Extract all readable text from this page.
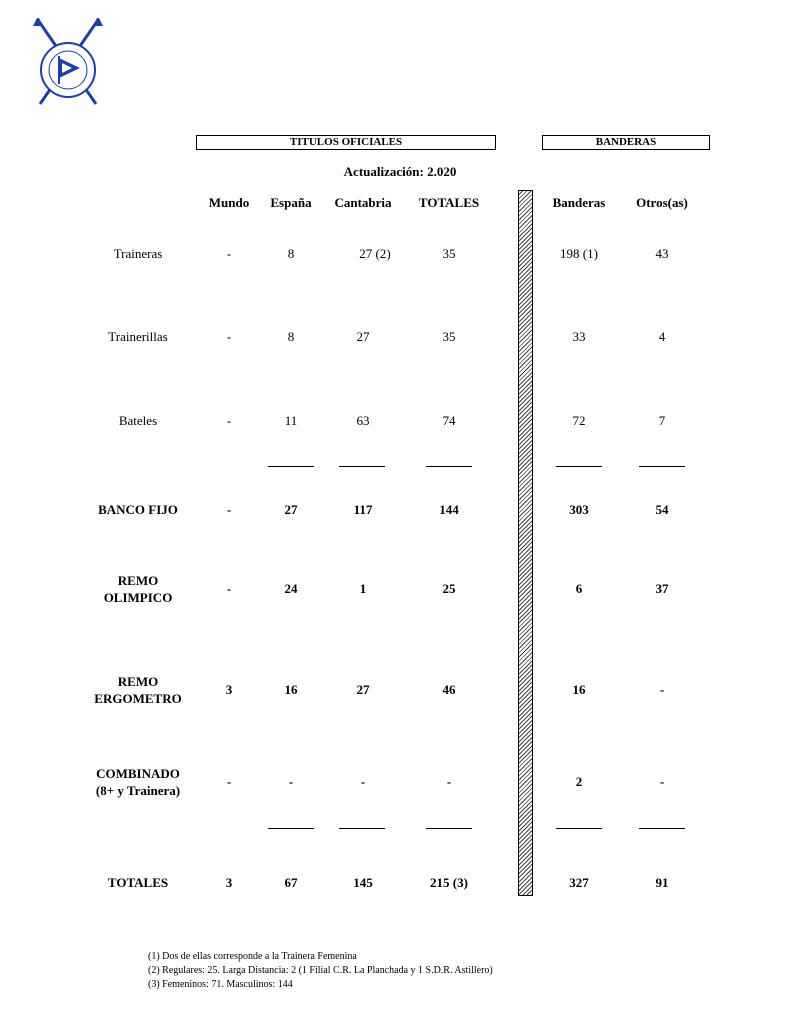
TITULOS OFICIALES	BANDERAS
Actualización: 2.020
Mundo	España	Cantabria	TOTALES	Banderas	Otros(as)
Traineras	-	8	27 (2)	35	198 (1)	43
Trainerillas	-	8	27	35	33	4
Bateles	-	11	63	74	72	7
BANCO FIJO	-	27	117	144	303	54
REMO
OLIMPICO
-	24	1	25	6	37
REMO
ERGOMETRO
3	16	27	46	16	-
COMBINADO
(8+ y Trainera)
-	-	-	-	2	-
TOTALES	3	67	145	215 (3)	327	91
(1) Dos de ellas corresponde a la Trainera Femenina
(2) Regulares: 25. Larga Distancia: 2 (1 Filial C.R. La Planchada y 1 S.D.R. Astillero)
(3) Femeninos: 71. Masculinos: 144
